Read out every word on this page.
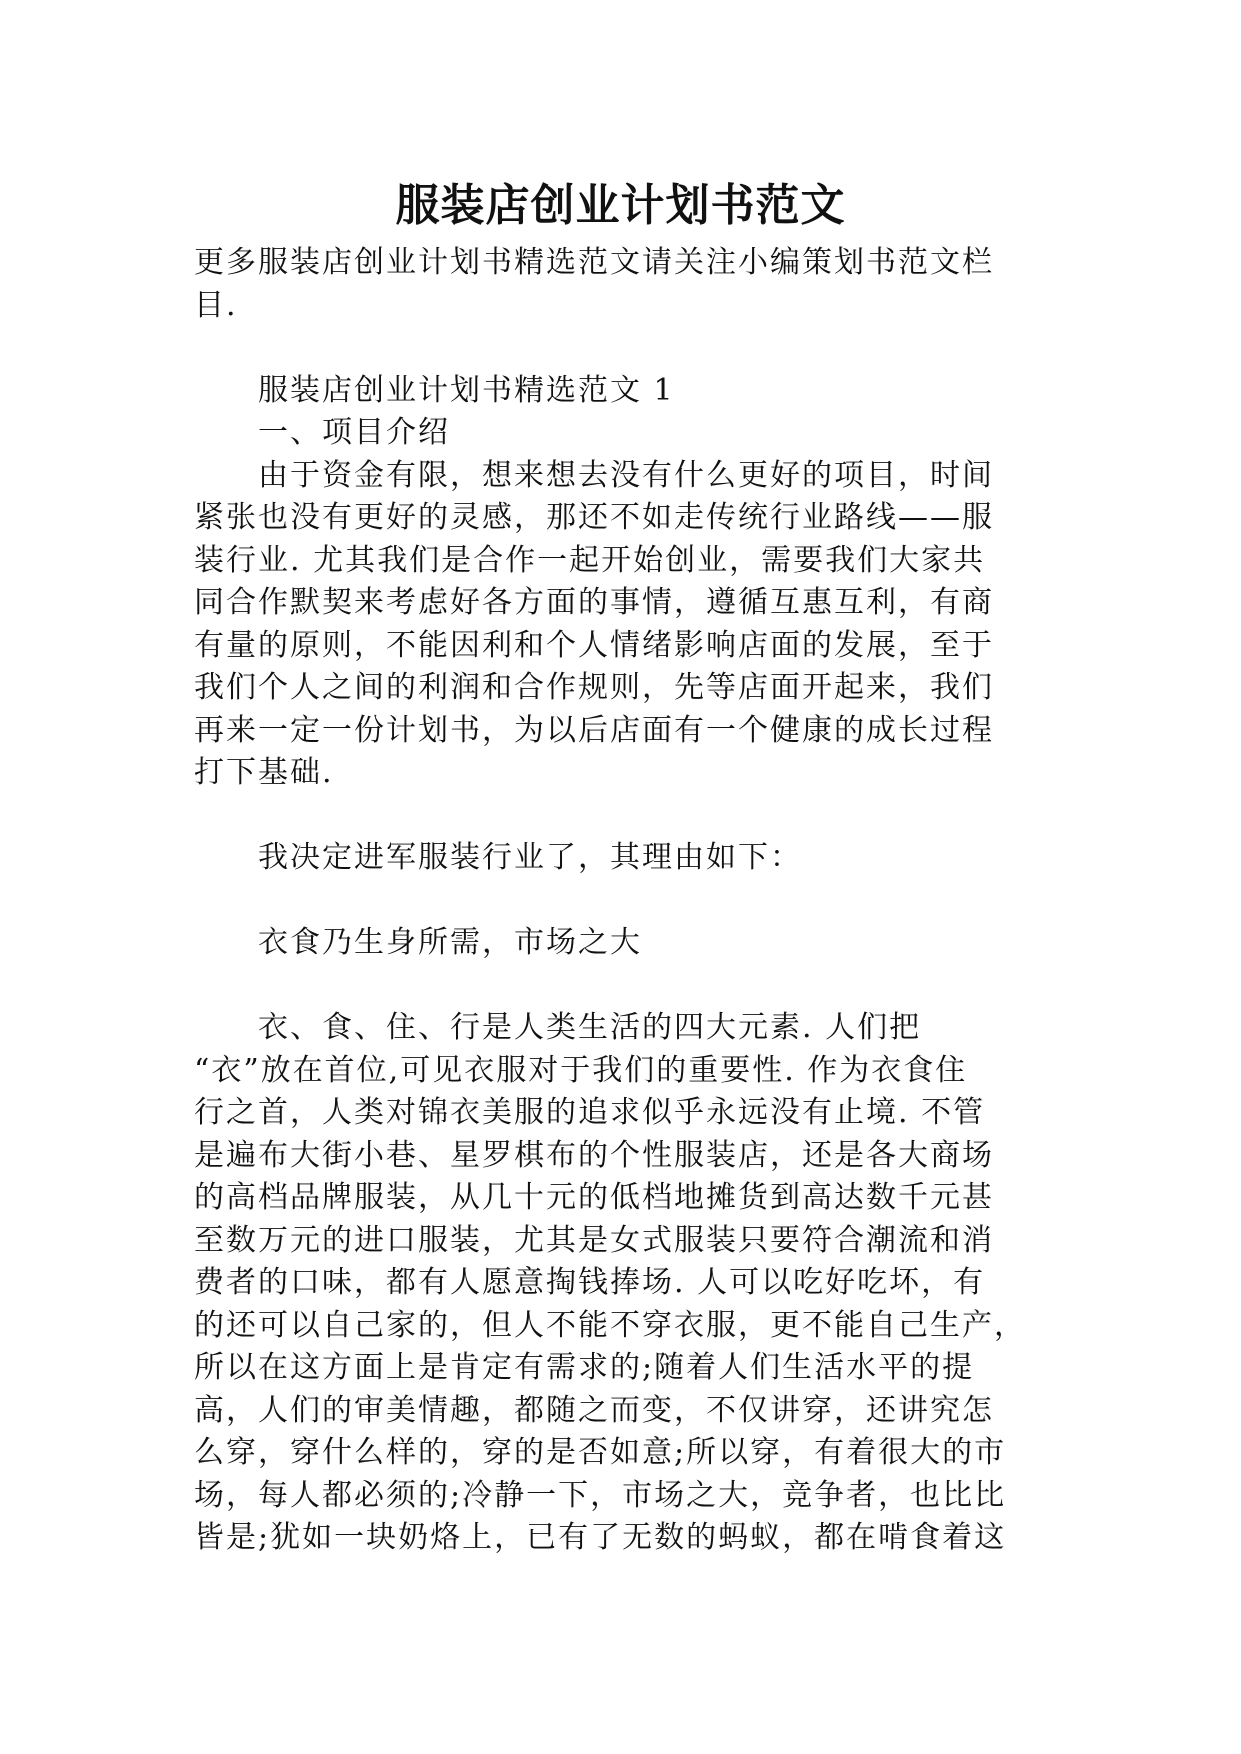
服装店创业计划书范文
更多服装店创业计划书精选范文请关注小编策划书范文栏
目.
服装店创业计划书精选范文 1
一、项目介绍
由于资金有限，想来想去没有什么更好的项目，时间
紧张也没有更好的灵感，那还不如走传统行业路线——服
装行业. 尤其我们是合作一起开始创业，需要我们大家共
同合作默契来考虑好各方面的事情，遵循互惠互利，有商
有量的原则，不能因利和个人情绪影响店面的发展，至于
我们个人之间的利润和合作规则，先等店面开起来，我们
再来一定一份计划书，为以后店面有一个健康的成长过程
打下基础.
我决定进军服装行业了，其理由如下：
衣食乃生身所需，市场之大
衣、食、住、行是人类生活的四大元素. 人们把
“衣”放在首位,可见衣服对于我们的重要性. 作为衣食住
行之首，人类对锦衣美服的追求似乎永远没有止境. 不管
是遍布大街小巷、星罗棋布的个性服装店，还是各大商场
的高档品牌服装，从几十元的低档地摊货到高达数千元甚
至数万元的进口服装，尤其是女式服装只要符合潮流和消
费者的口味，都有人愿意掏钱捧场. 人可以吃好吃坏，有
的还可以自己家的，但人不能不穿衣服，更不能自己生产，
所以在这方面上是肯定有需求的;随着人们生活水平的提
高，人们的审美情趣，都随之而变，不仅讲穿，还讲究怎
么穿，穿什么样的，穿的是否如意;所以穿，有着很大的市
场，每人都必须的;冷静一下，市场之大，竞争者，也比比
皆是;犹如一块奶烙上，已有了无数的蚂蚁，都在啃食着这
